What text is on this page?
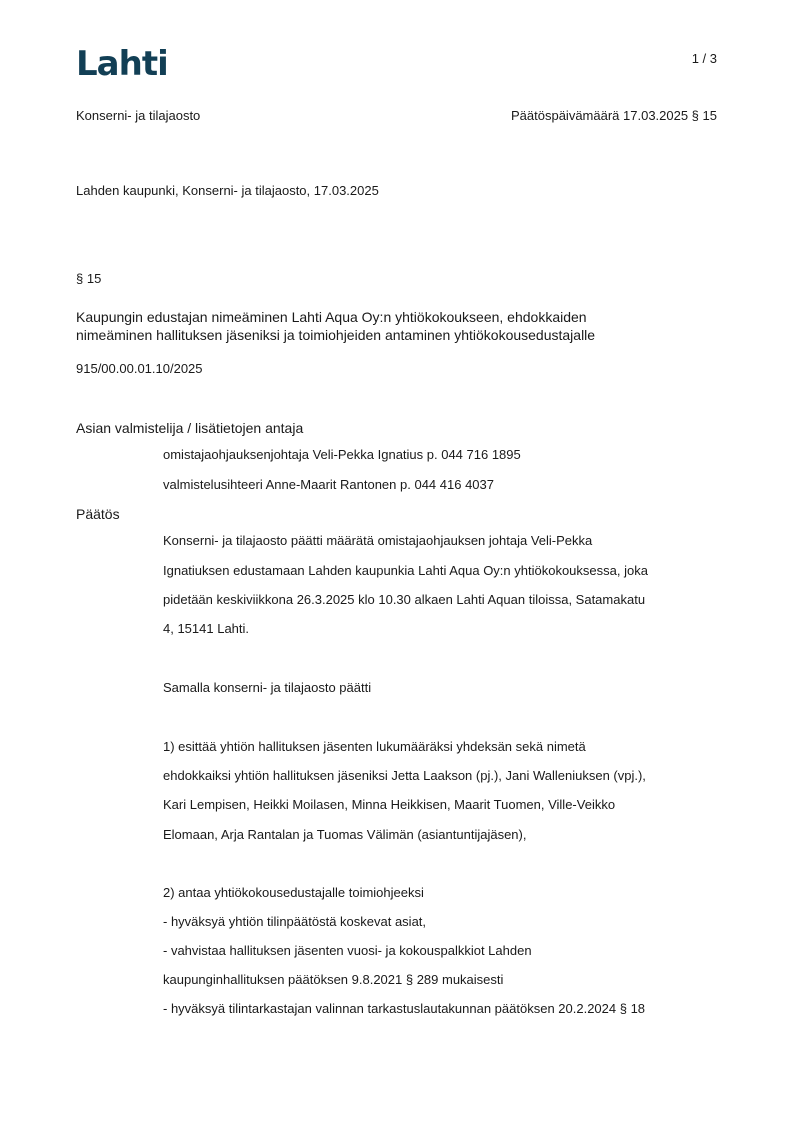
Lahti	1 / 3
Konserni- ja tilajaosto	Päätöspäivämäärä 17.03.2025 § 15
Lahden kaupunki, Konserni- ja tilajaosto, 17.03.2025
§ 15
Kaupungin edustajan nimeäminen Lahti Aqua Oy:n yhtiökokoukseen, ehdokkaiden
nimeäminen hallituksen jäseniksi ja toimiohjeiden antaminen yhtiökokousedustajalle
915/00.00.01.10/2025
Asian valmistelija / lisätietojen antaja
omistajaohjauksenjohtaja Veli-Pekka Ignatius p. 044 716 1895
valmistelusihteeri Anne-Maarit Rantonen p. 044 416 4037
Päätös
Konserni- ja tilajaosto päätti määrätä omistajaohjauksen johtaja Veli-Pekka
Ignatiuksen edustamaan Lahden kaupunkia Lahti Aqua Oy:n yhtiökokouksessa, joka
pidetään keskiviikkona 26.3.2025 klo 10.30 alkaen Lahti Aquan tiloissa, Satamakatu
4, 15141 Lahti.
Samalla konserni- ja tilajaosto päätti
1) esittää yhtiön hallituksen jäsenten lukumääräksi yhdeksän sekä nimetä
ehdokkaiksi yhtiön hallituksen jäseniksi Jetta Laakson (pj.), Jani Walleniuksen (vpj.),
Kari Lempisen, Heikki Moilasen, Minna Heikkisen, Maarit Tuomen, Ville-Veikko
Elomaan, Arja Rantalan ja Tuomas Välimän (asiantuntijajäsen),
2) antaa yhtiökokousedustajalle toimiohjeeksi
- hyväksyä yhtiön tilinpäätöstä koskevat asiat,
- vahvistaa hallituksen jäsenten vuosi- ja kokouspalkkiot Lahden
kaupunginhallituksen päätöksen 9.8.2021 § 289 mukaisesti
- hyväksyä tilintarkastajan valinnan tarkastuslautakunnan päätöksen 20.2.2024 § 18
